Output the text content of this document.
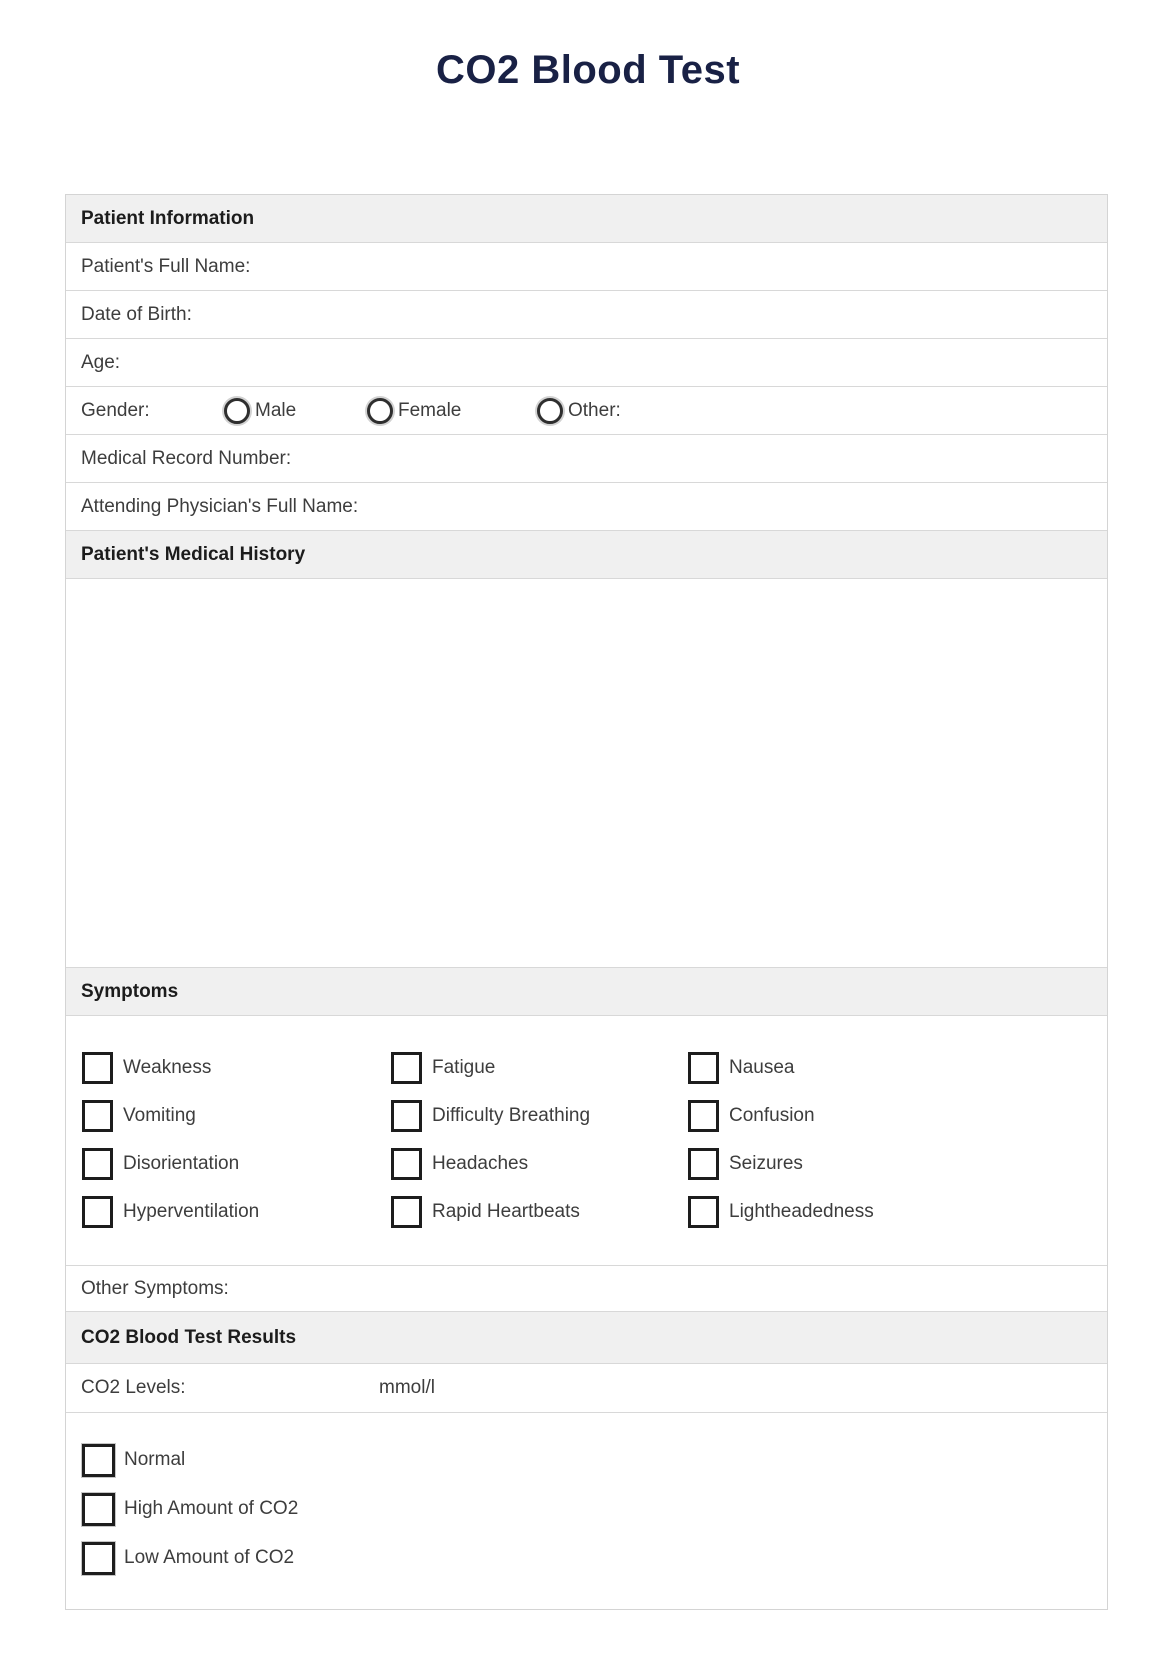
CO2 Blood Test
Patient Information
Patient's Full Name:
Date of Birth:
Age:
Gender:	Male	Female	Other:
Medical Record Number:
Attending Physician's Full Name:
Patient's Medical History
Symptoms
Weakness	Fatigue	Nausea
Vomiting	Difficulty Breathing	Confusion
Disorientation	Headaches	Seizures
Hyperventilation	Rapid Heartbeats	Lightheadedness
Other Symptoms:
CO2 Blood Test Results
CO2 Levels:	mmol/l
Normal
High Amount of CO2
Low Amount of CO2
